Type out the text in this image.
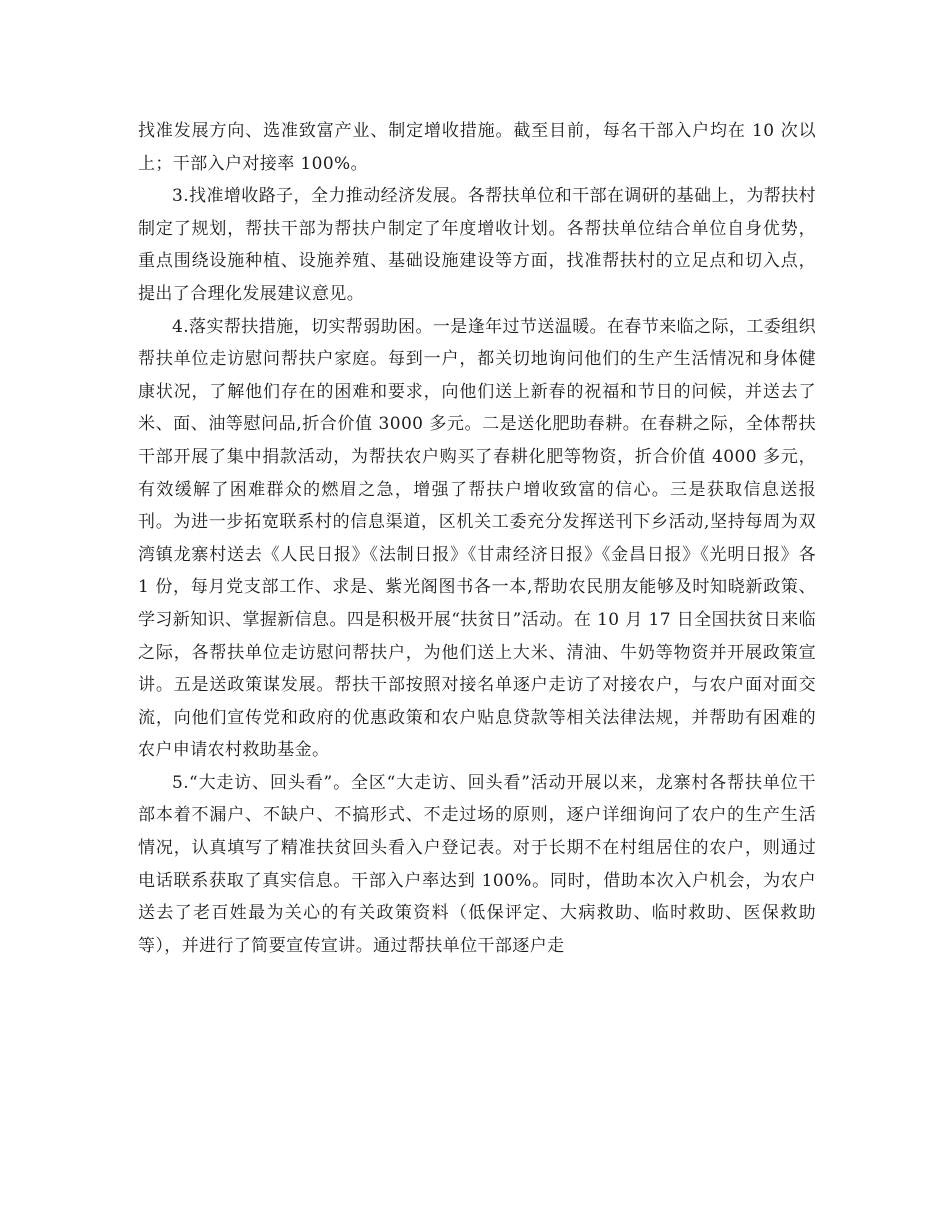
找准发展方向、选准致富产业、制定增收措施。截至目前，每名干部入户均在 10 次以上；干部入户对接率 100%。

3.找准增收路子，全力推动经济发展。各帮扶单位和干部在调研的基础上，为帮扶村制定了规划，帮扶干部为帮扶户制定了年度增收计划。各帮扶单位结合单位自身优势，重点围绕设施种植、设施养殖、基础设施建设等方面，找准帮扶村的立足点和切入点，提出了合理化发展建议意见。

4.落实帮扶措施，切实帮弱助困。一是逢年过节送温暖。在春节来临之际，工委组织帮扶单位走访慰问帮扶户家庭。每到一户，都关切地询问他们的生产生活情况和身体健康状况，了解他们存在的困难和要求，向他们送上新春的祝福和节日的问候，并送去了米、面、油等慰问品,折合价值 3000 多元。二是送化肥助春耕。在春耕之际，全体帮扶干部开展了集中捐款活动，为帮扶农户购买了春耕化肥等物资，折合价值 4000 多元，有效缓解了困难群众的燃眉之急，增强了帮扶户增收致富的信心。三是获取信息送报刊。为进一步拓宽联系村的信息渠道，区机关工委充分发挥送刊下乡活动,坚持每周为双湾镇龙寨村送去《人民日报》《法制日报》《甘肃经济日报》《金昌日报》《光明日报》各 1 份，每月党支部工作、求是、紫光阁图书各一本,帮助农民朋友能够及时知晓新政策、学习新知识、掌握新信息。四是积极开展“扶贫日”活动。在 10 月 17 日全国扶贫日来临之际，各帮扶单位走访慰问帮扶户，为他们送上大米、清油、牛奶等物资并开展政策宣讲。五是送政策谋发展。帮扶干部按照对接名单逐户走访了对接农户，与农户面对面交流，向他们宣传党和政府的优惠政策和农户贴息贷款等相关法律法规，并帮助有困难的农户申请农村救助基金。

5.“大走访、回头看”。全区“大走访、回头看”活动开展以来，龙寨村各帮扶单位干部本着不漏户、不缺户、不搞形式、不走过场的原则，逐户详细询问了农户的生产生活情况，认真填写了精准扶贫回头看入户登记表。对于长期不在村组居住的农户，则通过电话联系获取了真实信息。干部入户率达到 100%。同时，借助本次入户机会，为农户送去了老百姓最为关心的有关政策资料（低保评定、大病救助、临时救助、医保救助等），并进行了简要宣传宣讲。通过帮扶单位干部逐户走
